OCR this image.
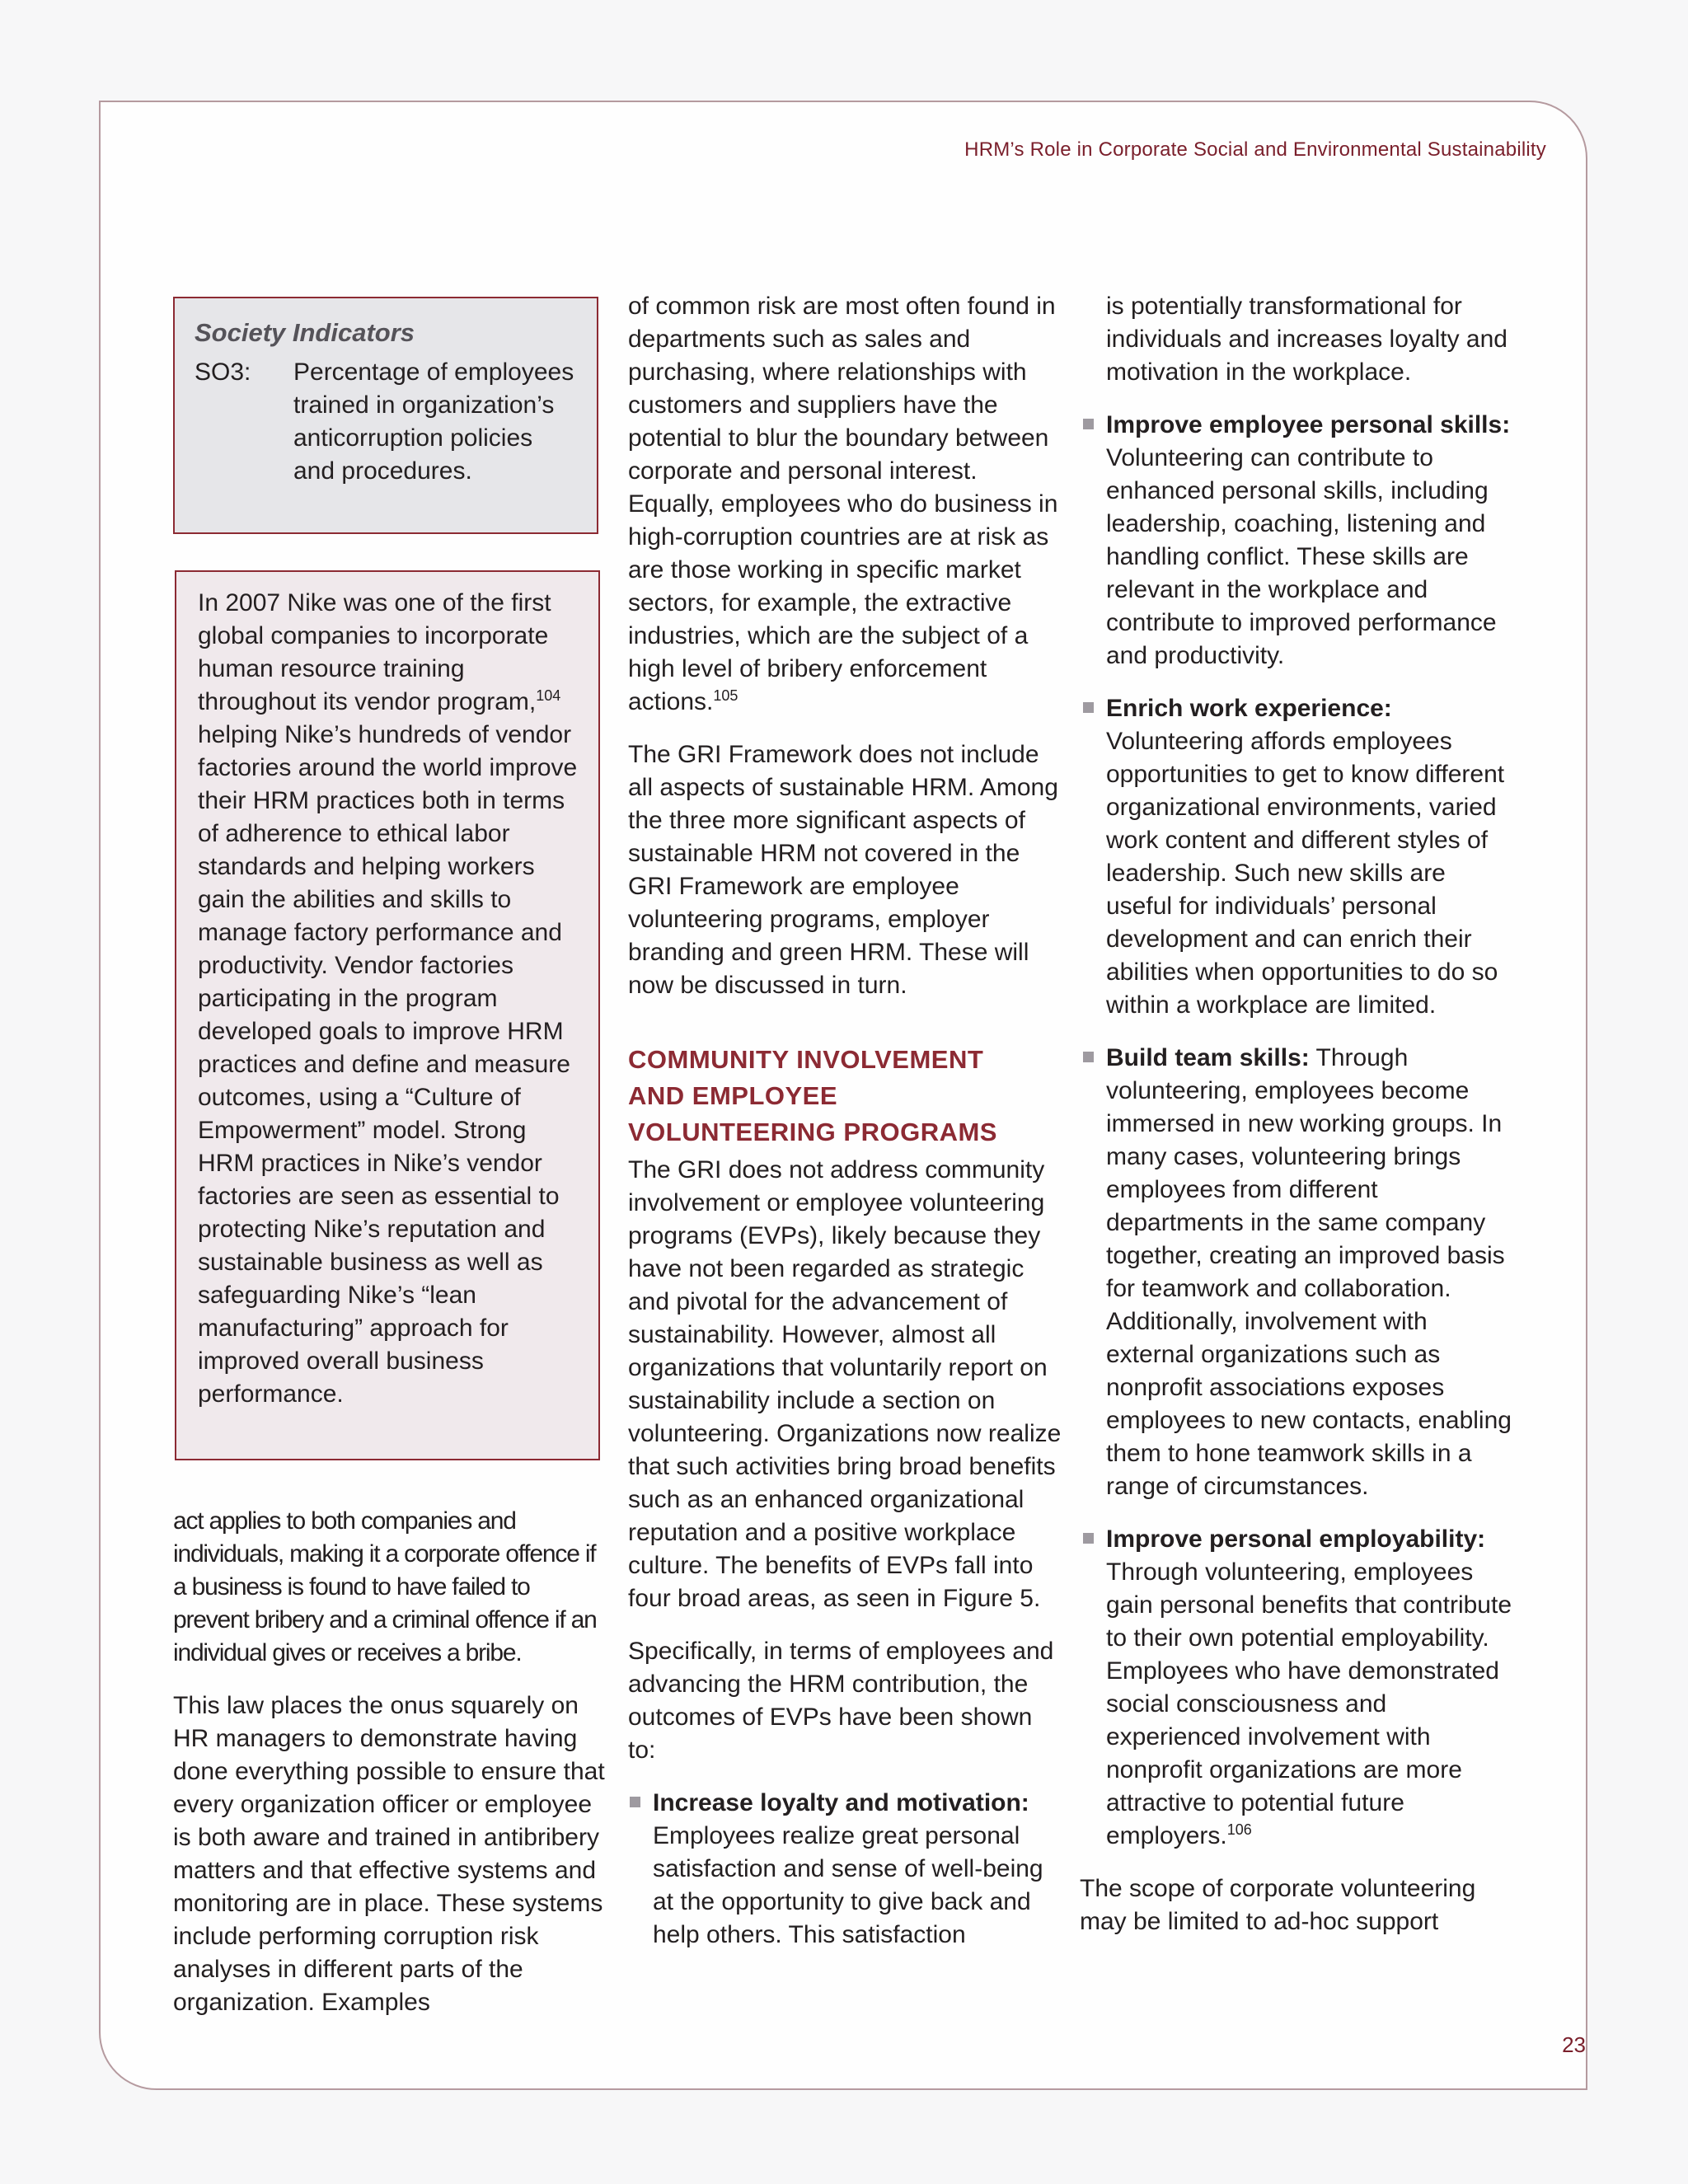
HRM’s Role in Corporate Social and Environmental Sustainability
Society Indicators
SO3:	Percentage of employees trained in organization’s anticorruption policies and procedures.

In 2007 Nike was one of the first global companies to incorporate human resource training throughout its vendor program,$^{104}$ helping Nike’s hundreds of vendor factories around the world improve their HRM practices both in terms of adherence to ethical labor standards and helping workers gain the abilities and skills to manage factory performance and productivity. Vendor factories participating in the program developed goals to improve HRM practices and define and measure outcomes, using a “Culture of Empowerment” model. Strong HRM practices in Nike’s vendor factories are seen as essential to protecting Nike’s reputation and sustainable business as well as safeguarding Nike’s “lean manufacturing” approach for improved overall business performance.

act applies to both companies and individuals, making it a corporate offence if a business is found to have failed to prevent bribery and a criminal offence if an individual gives or receives a bribe.

This law places the onus squarely on HR managers to demonstrate having done everything possible to ensure that every organization officer or employee is both aware and trained in antibribery matters and that effective systems and monitoring are in place. These systems include performing corruption risk analyses in different parts of the organization. Examples

of common risk are most often found in departments such as sales and purchasing, where relationships with customers and suppliers have the potential to blur the boundary between corporate and personal interest. Equally, employees who do business in high-corruption countries are at risk as are those working in specific market sectors, for example, the extractive industries, which are the subject of a high level of bribery enforcement actions.$^{105}$

The GRI Framework does not include all aspects of sustainable HRM. Among the three more significant aspects of sustainable HRM not covered in the GRI Framework are employee volunteering programs, employer branding and green HRM. These will now be discussed in turn.

COMMUNITY INVOLVEMENT
AND EMPLOYEE
VOLUNTEERING PROGRAMS

The GRI does not address community involvement or employee volunteering programs (EVPs), likely because they have not been regarded as strategic and pivotal for the advancement of sustainability. However, almost all organizations that voluntarily report on sustainability include a section on volunteering. Organizations now realize that such activities bring broad benefits such as an enhanced organizational reputation and a positive workplace culture. The benefits of EVPs fall into four broad areas, as seen in Figure 5.

Specifically, in terms of employees and advancing the HRM contribution, the outcomes of EVPs have been shown to:

Increase loyalty and motivation:
Employees realize great personal satisfaction and sense of well-being at the opportunity to give back and help others. This satisfaction
is potentially transformational for individuals and increases loyalty and motivation in the workplace.
Improve employee personal skills: Volunteering can contribute to enhanced personal skills, including leadership, coaching, listening and handling conflict. These skills are relevant in the workplace and contribute to improved performance and productivity.
Enrich work experience: Volunteering affords employees opportunities to get to know different organizational environments, varied work content and different styles of leadership. Such new skills are useful for individuals’ personal development and can enrich their abilities when opportunities to do so within a workplace are limited.
Build team skills: Through volunteering, employees become immersed in new working groups. In many cases, volunteering brings employees from different departments in the same company together, creating an improved basis for teamwork and collaboration. Additionally, involvement with external organizations such as nonprofit associations exposes employees to new contacts, enabling them to hone teamwork skills in a range of circumstances.
Improve personal employability: Through volunteering, employees gain personal benefits that contribute to their own potential employability. Employees who have demonstrated social consciousness and experienced involvement with nonprofit organizations are more attractive to potential future employers.$^{106}$

The scope of corporate volunteering may be limited to ad-hoc support

23
